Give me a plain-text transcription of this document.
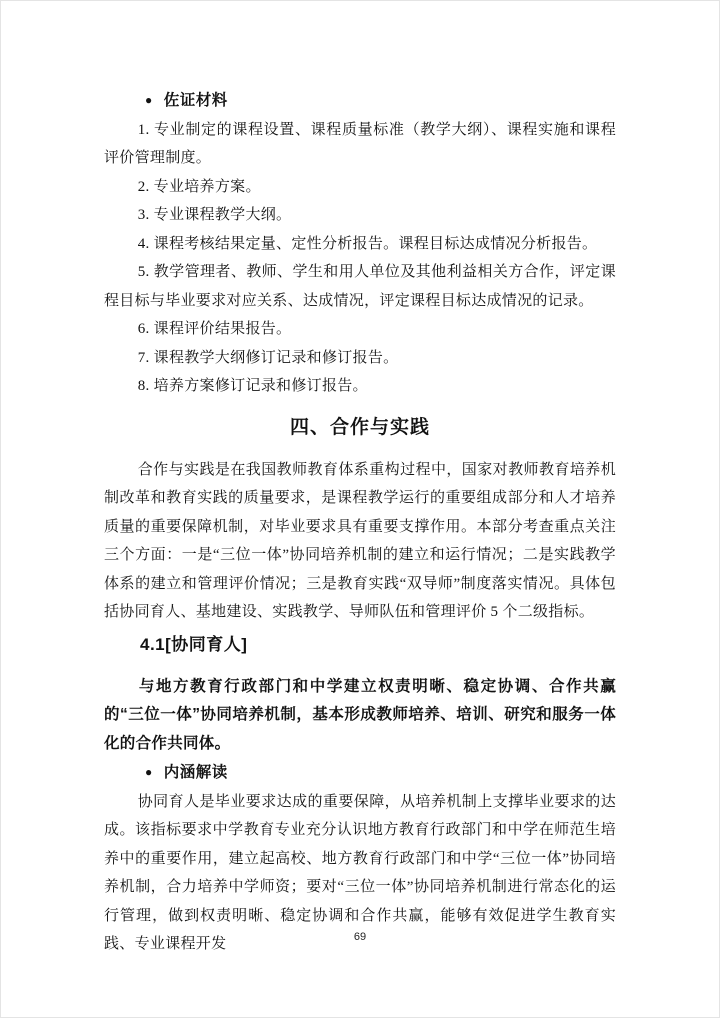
● 佐证材料

1. 专业制定的课程设置、课程质量标准（教学大纲）、课程实施和课程评价管理制度。

2. 专业培养方案。

3. 专业课程教学大纲。

4. 课程考核结果定量、定性分析报告。课程目标达成情况分析报告。

5. 教学管理者、教师、学生和用人单位及其他利益相关方合作，评定课程目标与毕业要求对应关系、达成情况，评定课程目标达成情况的记录。

6. 课程评价结果报告。

7. 课程教学大纲修订记录和修订报告。

8. 培养方案修订记录和修订报告。

四、合作与实践

合作与实践是在我国教师教育体系重构过程中，国家对教师教育培养机制改革和教育实践的质量要求，是课程教学运行的重要组成部分和人才培养质量的重要保障机制，对毕业要求具有重要支撑作用。本部分考查重点关注三个方面：一是“三位一体”协同培养机制的建立和运行情况；二是实践教学体系的建立和管理评价情况；三是教育实践“双导师”制度落实情况。具体包括协同育人、基地建设、实践教学、导师队伍和管理评价 5 个二级指标。

4.1[协同育人]

与地方教育行政部门和中学建立权责明晰、稳定协调、合作共赢的“三位一体”协同培养机制，基本形成教师培养、培训、研究和服务一体化的合作共同体。

● 内涵解读

协同育人是毕业要求达成的重要保障，从培养机制上支撑毕业要求的达成。该指标要求中学教育专业充分认识地方教育行政部门和中学在师范生培养中的重要作用，建立起高校、地方教育行政部门和中学“三位一体”协同培养机制，合力培养中学师资；要对“三位一体”协同培养机制进行常态化的运行管理，做到权责明晰、稳定协调和合作共赢，能够有效促进学生教育实践、专业课程开发	69
